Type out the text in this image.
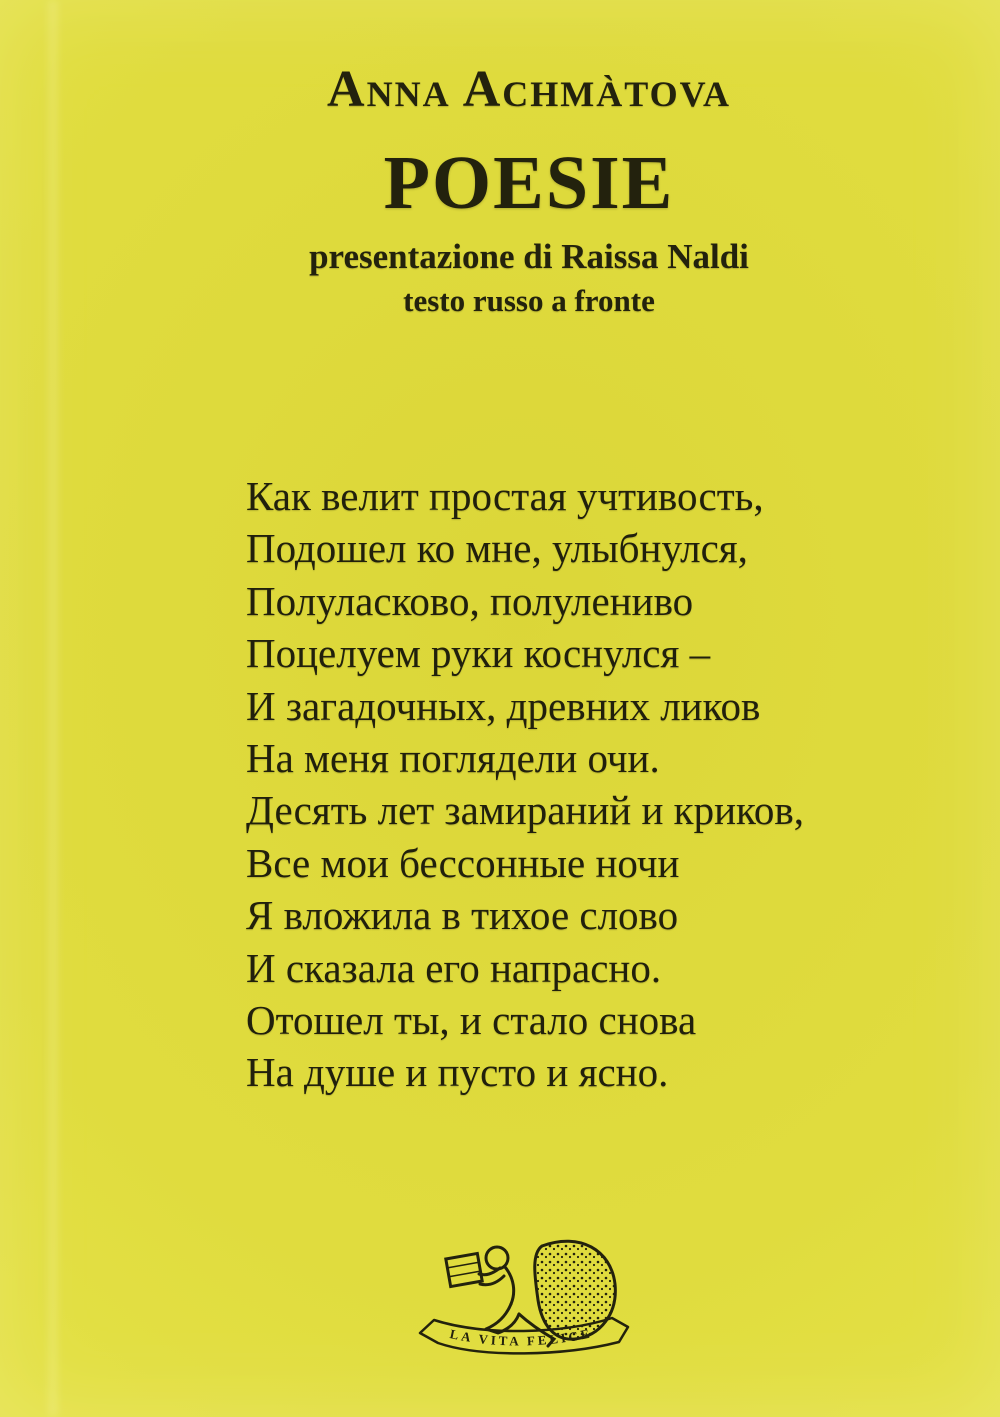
Anna Achmàtova
POESIE
presentazione di Raissa Naldi
testo russo a fronte
Как велит простая учтивость,
Подошел ко мне, улыбнулся,
Полуласково, полулениво
Поцелуем руки коснулся –
И загадочных, древних ликов
На меня поглядели очи.
Десять лет замираний и криков,
Все мои бессонные ночи
Я вложила в тихое слово
И сказала его напрасно.
Отошел ты, и стало снова
На душе и пусто и ясно.
LA VITA FELICE
